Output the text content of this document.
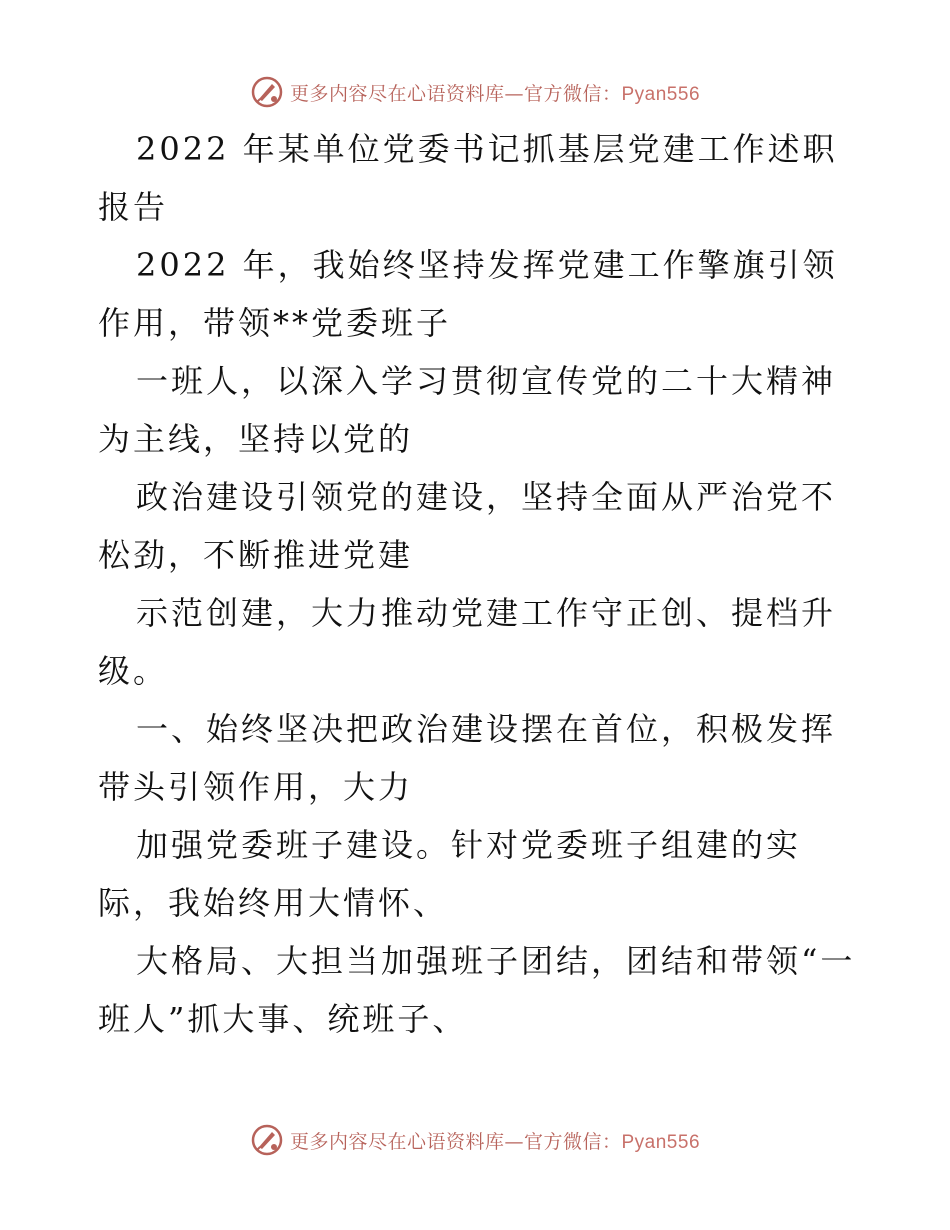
更多内容尽在心语资料库—官方微信：Pyan556

2022 年某单位党委书记抓基层党建工作述职报告

2022 年，我始终坚持发挥党建工作擎旗引领作用，带领**党委班子

一班人，以深入学习贯彻宣传党的二十大精神为主线，坚持以党的

政治建设引领党的建设，坚持全面从严治党不松劲，不断推进党建

示范创建，大力推动党建工作守正创、提档升级。

一、始终坚决把政治建设摆在首位，积极发挥带头引领作用，大力

加强党委班子建设。针对党委班子组建的实际，我始终用大情怀、

大格局、大担当加强班子团结，团结和带领“一班人”抓大事、统班子、

更多内容尽在心语资料库—官方微信：Pyan556
